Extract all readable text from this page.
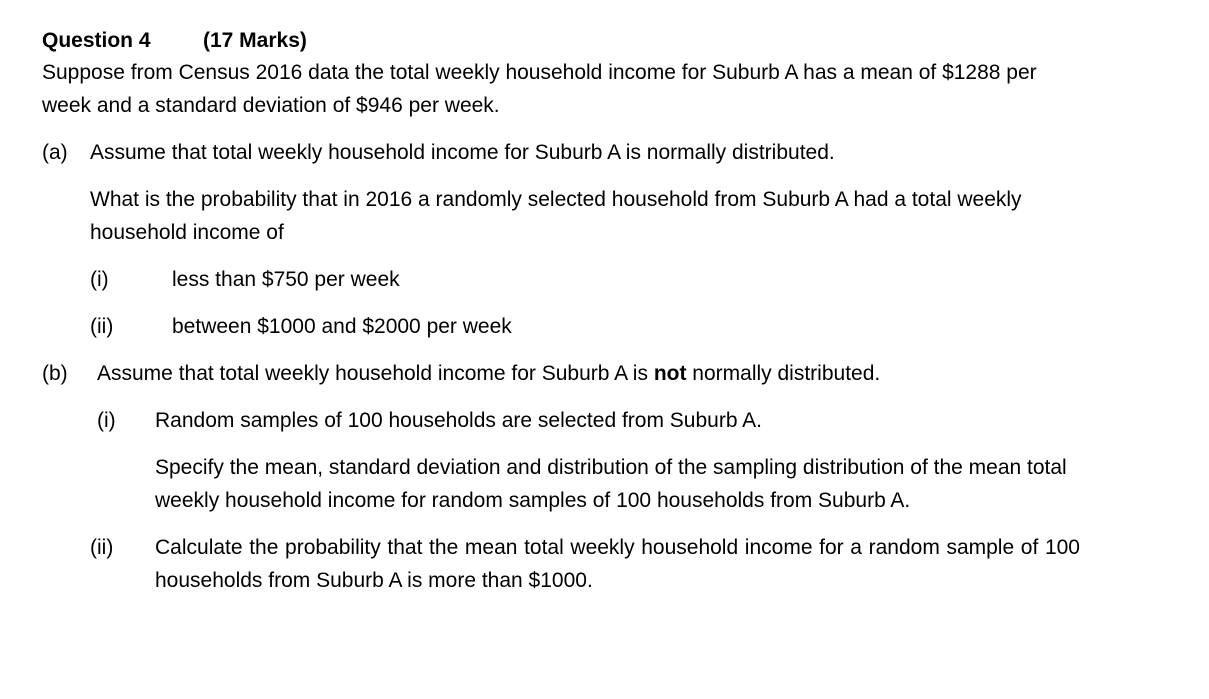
Question 4	(17 Marks)

Suppose from Census 2016 data the total weekly household income for Suburb A has a mean of $1288 per week and a standard deviation of $946 per week.

(a)	Assume that total weekly household income for Suburb A is normally distributed.
What is the probability that in 2016 a randomly selected household from Suburb A had a total weekly household income of
(i)	less than $750 per week
(ii)	between $1000 and $2000 per week
(b)	Assume that total weekly household income for Suburb A is not normally distributed.
(i)	Random samples of 100 households are selected from Suburb A.
Specify the mean, standard deviation and distribution of the sampling distribution of the mean total weekly household income for random samples of 100 households from Suburb A.
(ii)	Calculate the probability that the mean total weekly household income for a random sample of 100 households from Suburb A is more than $1000.
